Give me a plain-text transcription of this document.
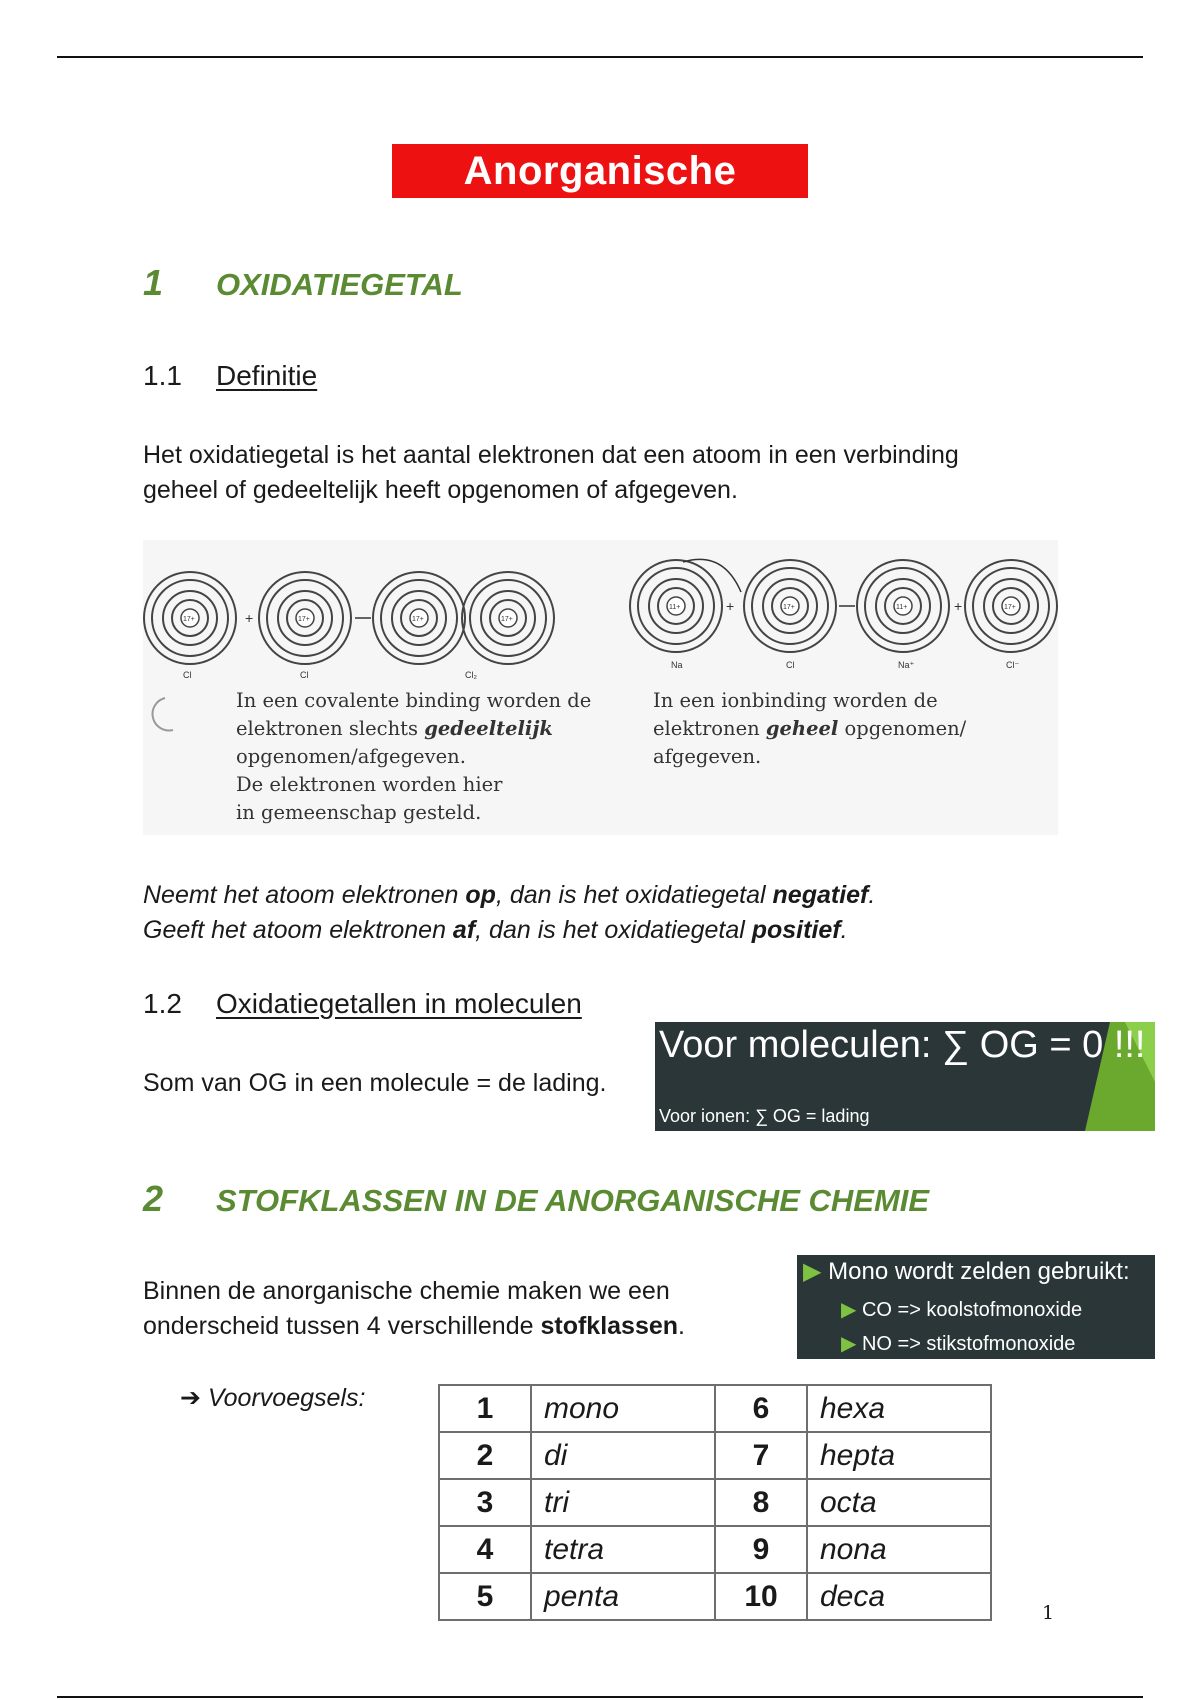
Anorganische chemie
1 OXIDATIEGETAL
1.1 Definitie
Het oxidatiegetal is het aantal elektronen dat een atoom in een verbinding
geheel of gedeeltelijk heeft opgenomen of afgegeven.
+
Cl	Cl	Cl₂
17+	17+	17+	17+
+	+
11+	17+	11+	17+
Na	Cl	Na⁺	Cl⁻
In een covalente binding worden de
elektronen slechts gedeeltelijk
opgenomen/afgegeven.
De elektronen worden hier
in gemeenschap gesteld.
In een ionbinding worden de
elektronen geheel opgenomen/
afgegeven.
Neemt het atoom elektronen op, dan is het oxidatiegetal negatief.
Geeft het atoom elektronen af, dan is het oxidatiegetal positief.
1.2 Oxidatiegetallen in moleculen
Som van OG in een molecule = de lading.
Voor moleculen: ∑ OG = 0 !!!
Voor ionen: ∑ OG = lading
2 STOFKLASSEN IN DE ANORGANISCHE CHEMIE
Binnen de anorganische chemie maken we een
onderscheid tussen 4 verschillende stofklassen.
▶ Mono wordt zelden gebruikt:
▶ CO => koolstofmonoxide
▶ NO => stikstofmonoxide
➔ Voorvoegsels:	1	mono	6	hexa
2	di	7	hepta
3	tri	8	octa
4	tetra	9	nona
5	penta	10	deca
1
